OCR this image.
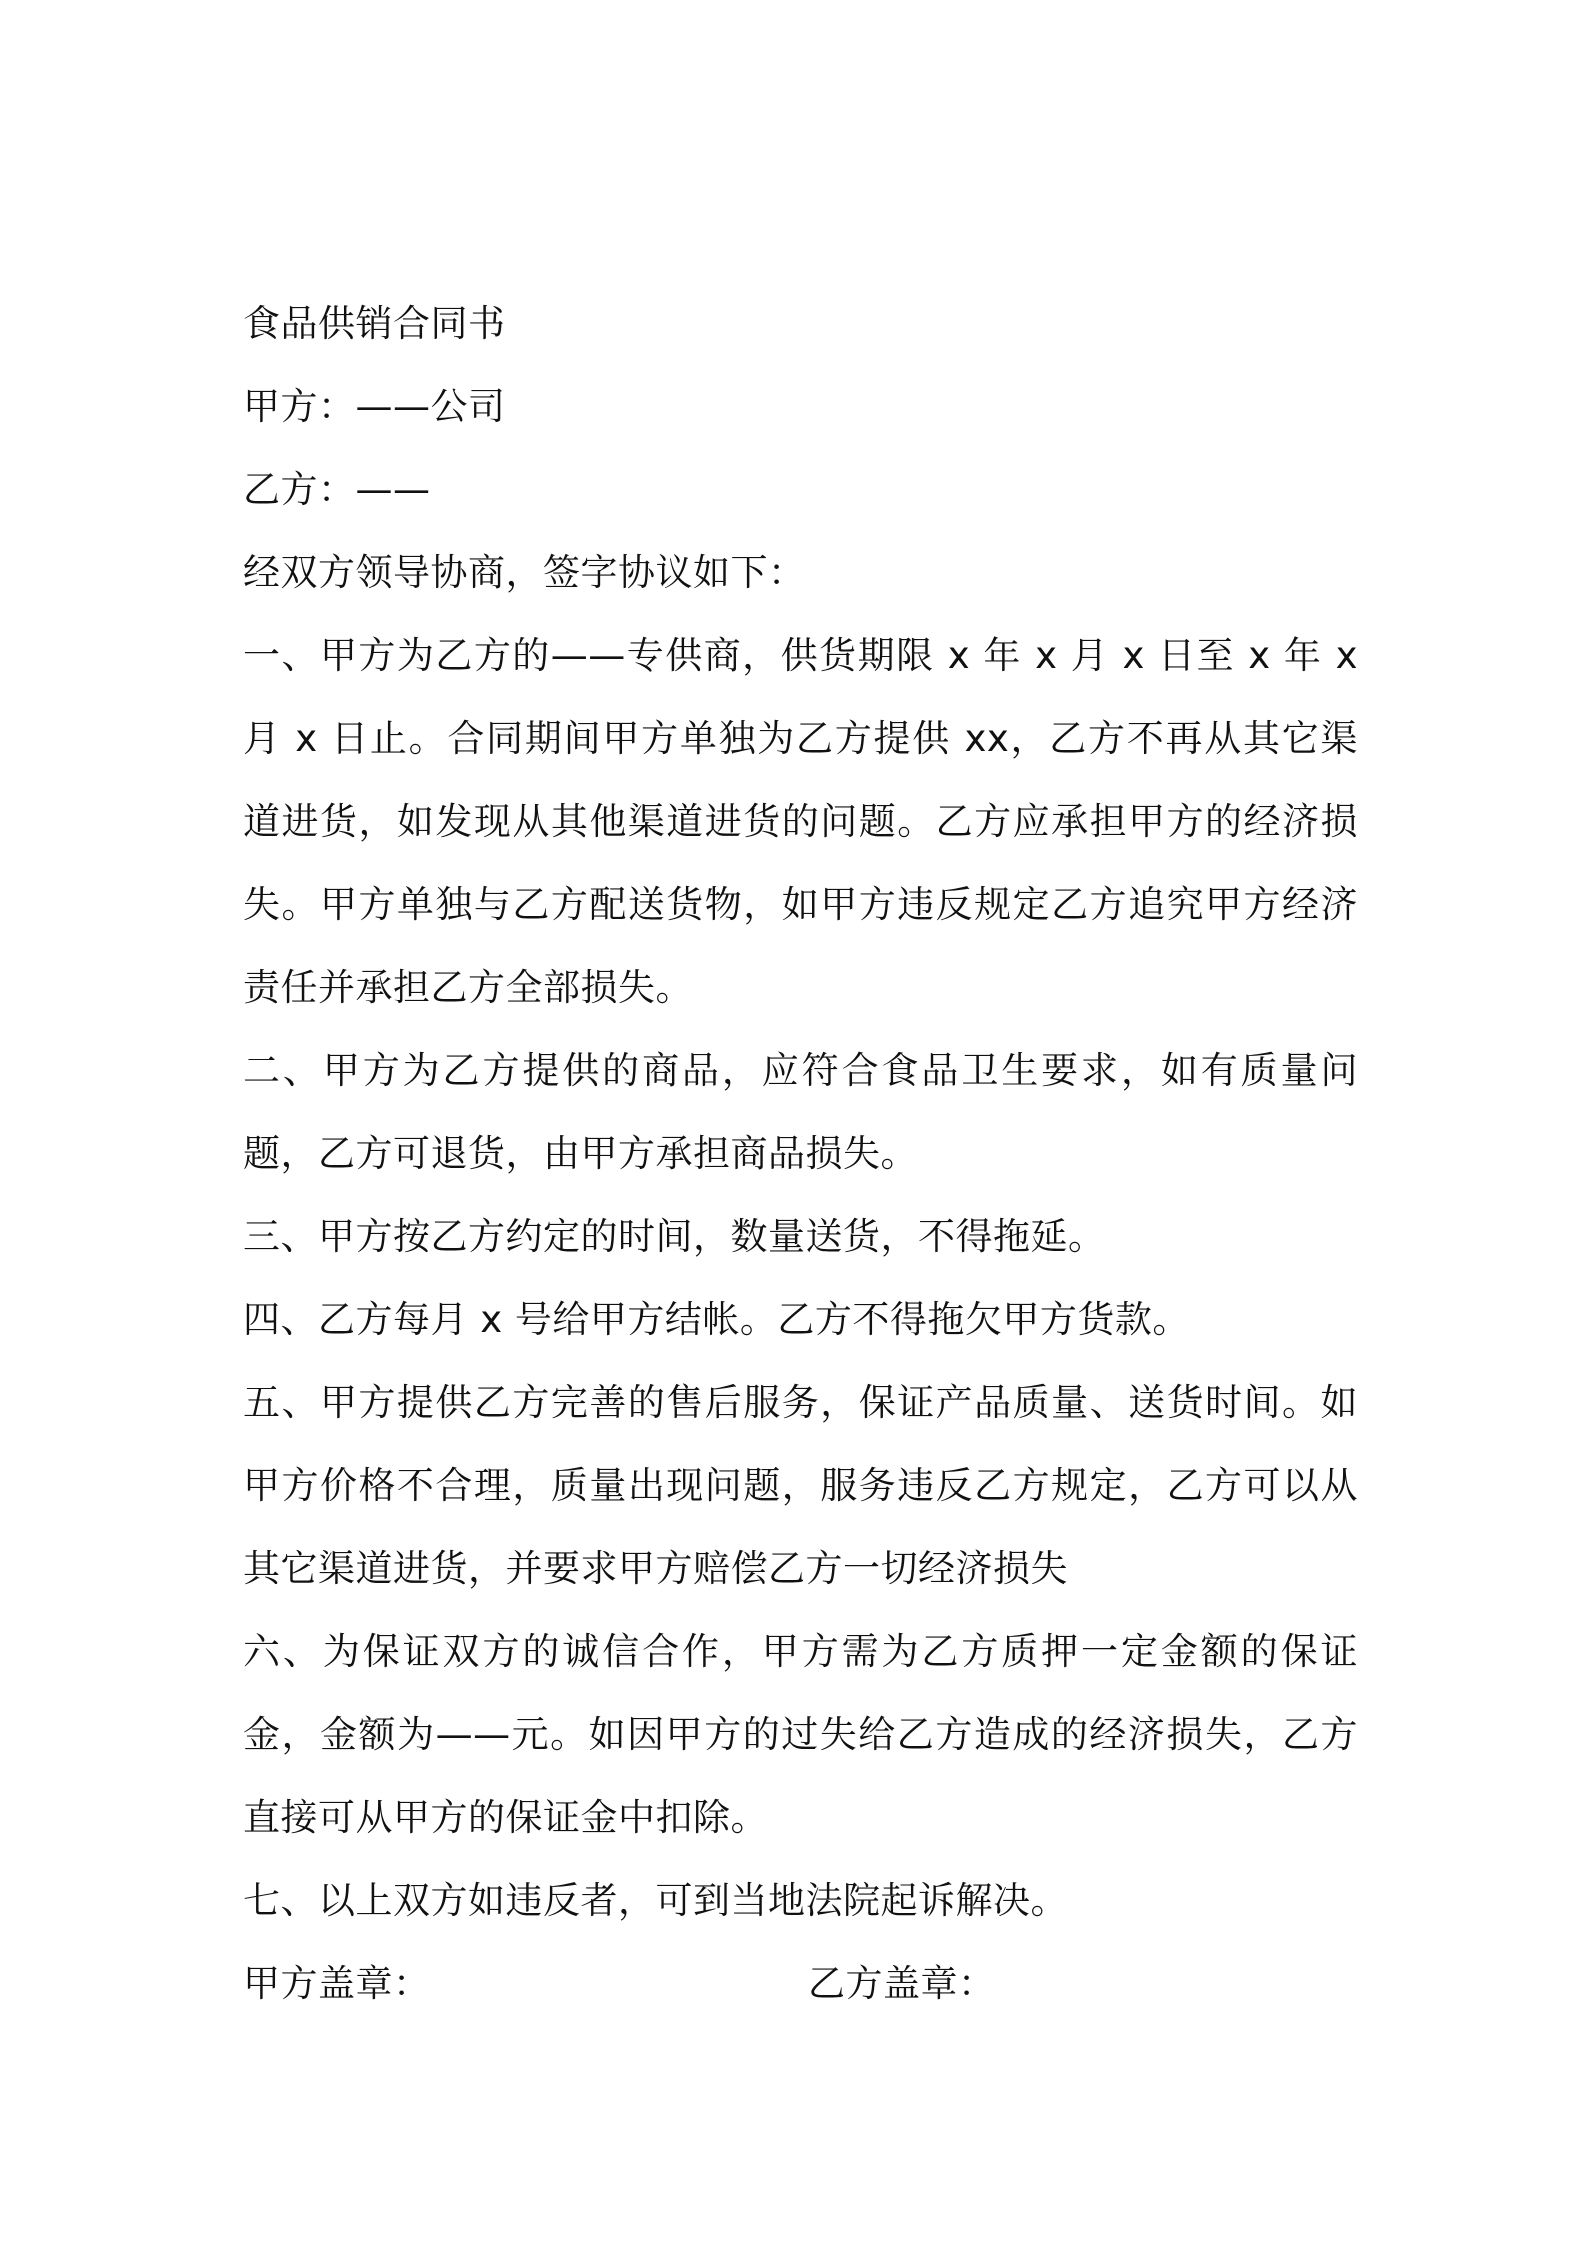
食品供销合同书
甲方：——公司
乙方：——
经双方领导协商，签字协议如下：
一、甲方为乙方的——专供商，供货期限 x 年 x 月 x 日至 x 年 x 月 x 日止。合同期间甲方单独为乙方提供 xx，乙方不再从其它渠道进货，如发现从其他渠道进货的问题。乙方应承担甲方的经济损失。甲方单独与乙方配送货物，如甲方违反规定乙方追究甲方经济责任并承担乙方全部损失。
二、甲方为乙方提供的商品，应符合食品卫生要求，如有质量问题，乙方可退货，由甲方承担商品损失。
三、甲方按乙方约定的时间，数量送货，不得拖延。
四、乙方每月 x 号给甲方结帐。乙方不得拖欠甲方货款。
五、甲方提供乙方完善的售后服务，保证产品质量、送货时间。如甲方价格不合理，质量出现问题，服务违反乙方规定，乙方可以从其它渠道进货，并要求甲方赔偿乙方一切经济损失
六、为保证双方的诚信合作，甲方需为乙方质押一定金额的保证金，金额为——元。如因甲方的过失给乙方造成的经济损失，乙方直接可从甲方的保证金中扣除。
七、以上双方如违反者，可到当地法院起诉解决。
甲方盖章：	乙方盖章：
